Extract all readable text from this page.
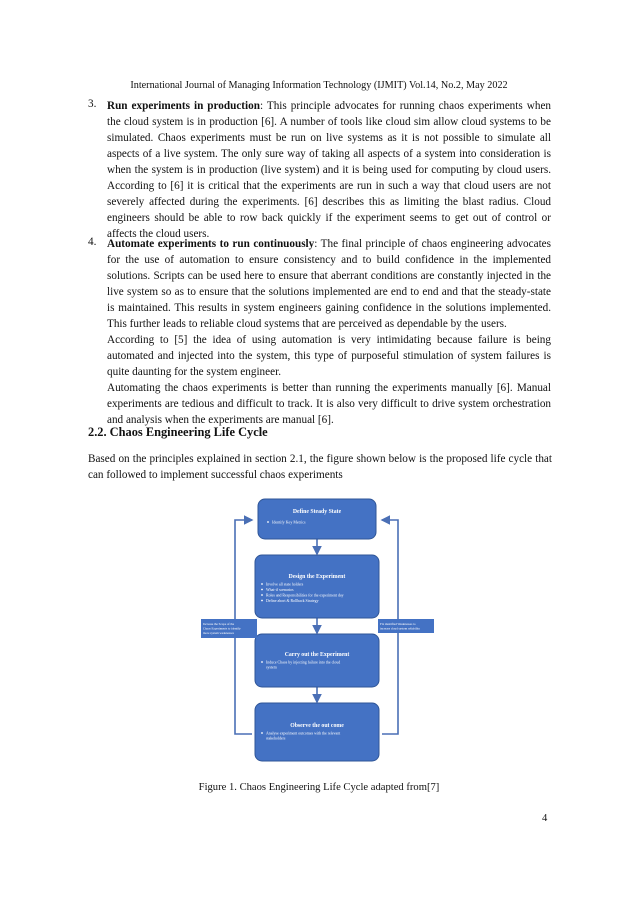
International Journal of Managing Information Technology (IJMIT) Vol.14, No.2, May 2022
3. Run experiments in production: This principle advocates for running chaos experiments when the cloud system is in production [6]. A number of tools like cloud sim allow cloud systems to be simulated. Chaos experiments must be run on live systems as it is not possible to simulate all aspects of a live system. The only sure way of taking all aspects of a system into consideration is when the system is in production (live system) and it is being used for computing by cloud users. According to [6] it is critical that the experiments are run in such a way that cloud users are not severely affected during the experiments. [6] describes this as limiting the blast radius. Cloud engineers should be able to row back quickly if the experiment seems to get out of control or affects the cloud users.

4. Automate experiments to run continuously: The final principle of chaos engineering advocates for the use of automation to ensure consistency and to build confidence in the implemented solutions. Scripts can be used here to ensure that aberrant conditions are constantly injected in the live system so as to ensure that the solutions implemented are end to end and that the steady-state is maintained. This results in system engineers gaining confidence in the solutions implemented. This further leads to reliable cloud systems that are perceived as dependable by the users.
According to [5] the idea of using automation is very intimidating because failure is being automated and injected into the system, this type of purposeful stimulation of system failures is quite daunting for the system engineer.
Automating the chaos experiments is better than running the experiments manually [6]. Manual experiments are tedious and difficult to track. It is also very difficult to drive system orchestration and analysis when the experiments are manual [6].

2.2. Chaos Engineering Life Cycle

Based on the principles explained in section 2.1, the figure shown below is the proposed life cycle that can followed to implement successful chaos experiments

Define Steady State
Identify Key Metrics
Design the Experiment
Involve all state holders
What-if scenarios
Roles and Responsibilities for the experiment day
Define abort & Rollback Strategy
Carry out the Experiment
Induce Chaos by injecting failure into the cloud
system
Observe the out come
Analyse experiment outcomes with the relevant
stakeholders
Increase the Scope of the
Chaos Experiments to identify
more system weaknesses
Fix identified Weaknesses to
increase cloud system reliability
Figure 1. Chaos Engineering Life Cycle adapted from[7]
4
